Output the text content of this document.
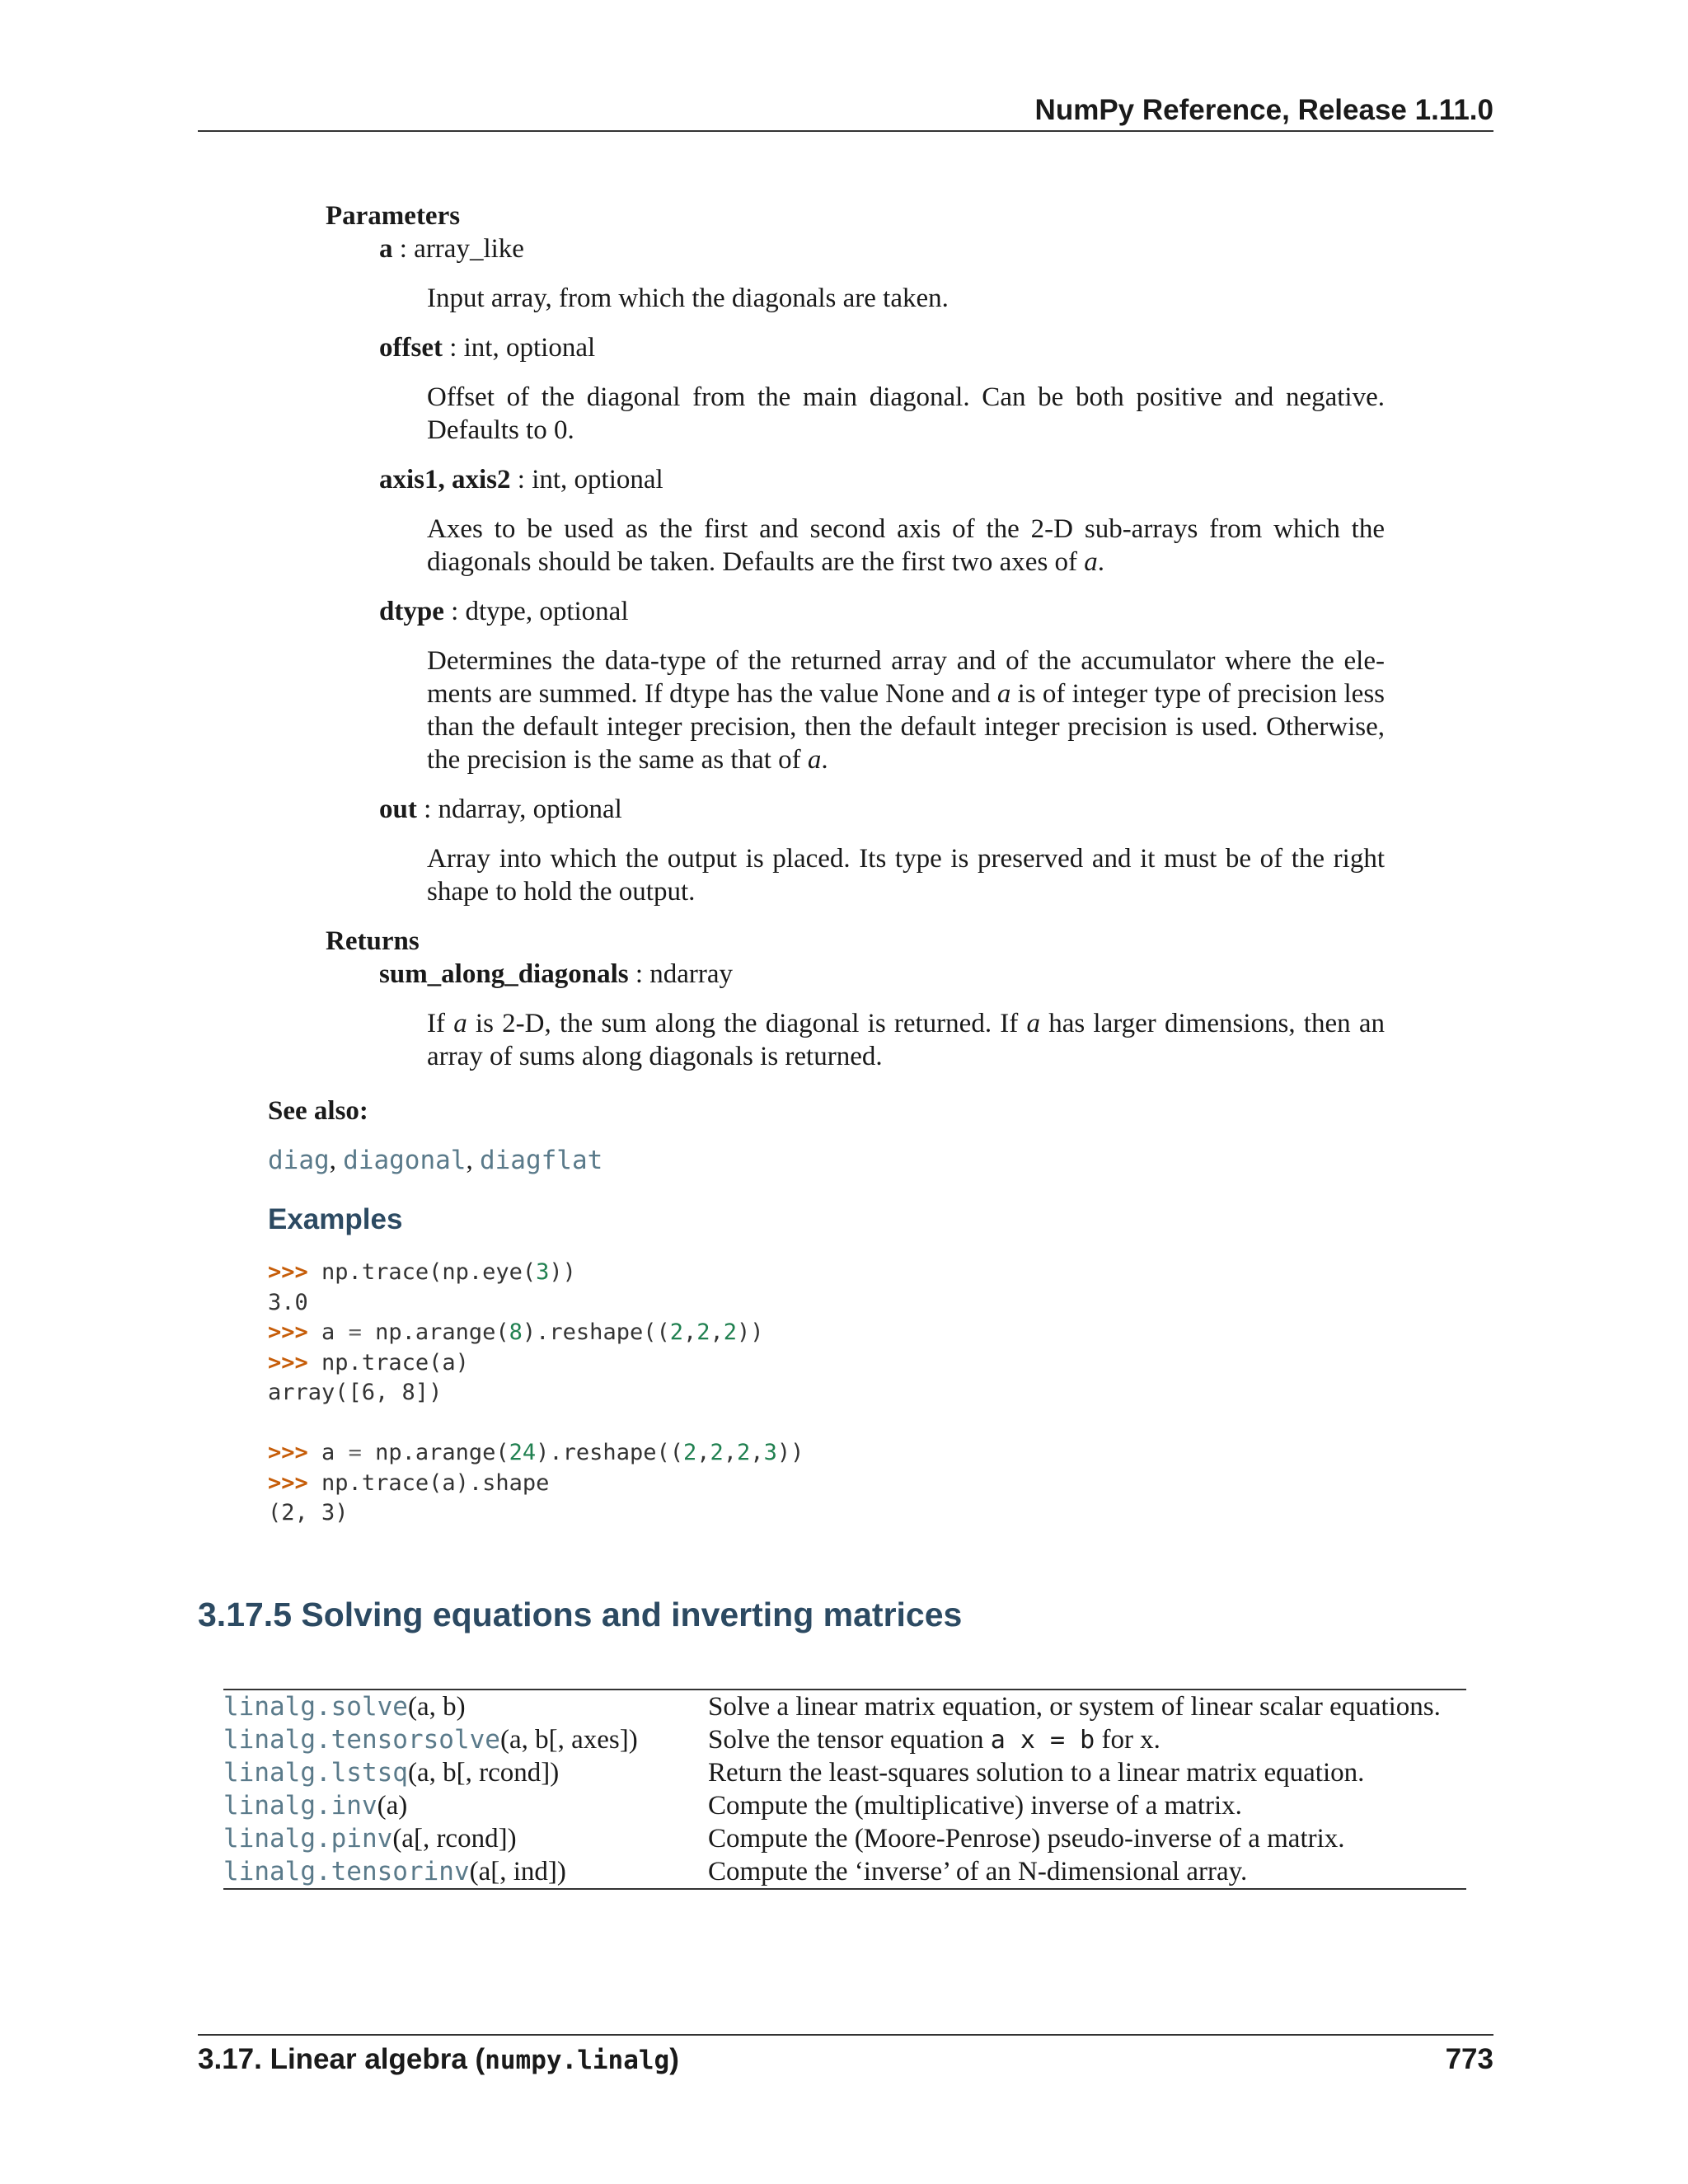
NumPy Reference, Release 1.11.0
Parameters
a : array_like

Input array, from which the diagonals are taken.

offset : int, optional

Offset of the diagonal from the main diagonal. Can be both positive and negative.

Defaults to 0.

axis1, axis2 : int, optional

Axes to be used as the first and second axis of the 2-D sub-arrays from which the

diagonals should be taken. Defaults are the first two axes of a.

dtype : dtype, optional

Determines the data-type of the returned array and of the accumulator where the ele-

ments are summed. If dtype has the value None and a is of integer type of precision less

than the default integer precision, then the default integer precision is used. Otherwise,

the precision is the same as that of a.

out : ndarray, optional

Array into which the output is placed. Its type is preserved and it must be of the right

shape to hold the output.

Returns
sum_along_diagonals : ndarray

If a is 2-D, the sum along the diagonal is returned. If a has larger dimensions, then an

array of sums along diagonals is returned.

See also:
diag, diagonal, diagflat
Examples
>>> np.trace(np.eye(3))
3.0
>>> a = np.arange(8).reshape((2,2,2))
>>> np.trace(a)
array([6, 8])

>>> a = np.arange(24).reshape((2,2,2,3))
>>> np.trace(a).shape
(2, 3)
3.17.5 Solving equations and inverting matrices
linalg.solve(a, b)	Solve a linear matrix equation, or system of linear scalar equations.
linalg.tensorsolve(a, b[, axes])	Solve the tensor equation a x = b for x.
linalg.lstsq(a, b[, rcond])	Return the least-squares solution to a linear matrix equation.
linalg.inv(a)	Compute the (multiplicative) inverse of a matrix.
linalg.pinv(a[, rcond])	Compute the (Moore-Penrose) pseudo-inverse of a matrix.
linalg.tensorinv(a[, ind])	Compute the ‘inverse’ of an N-dimensional array.
3.17. Linear algebra (numpy.linalg)	773
